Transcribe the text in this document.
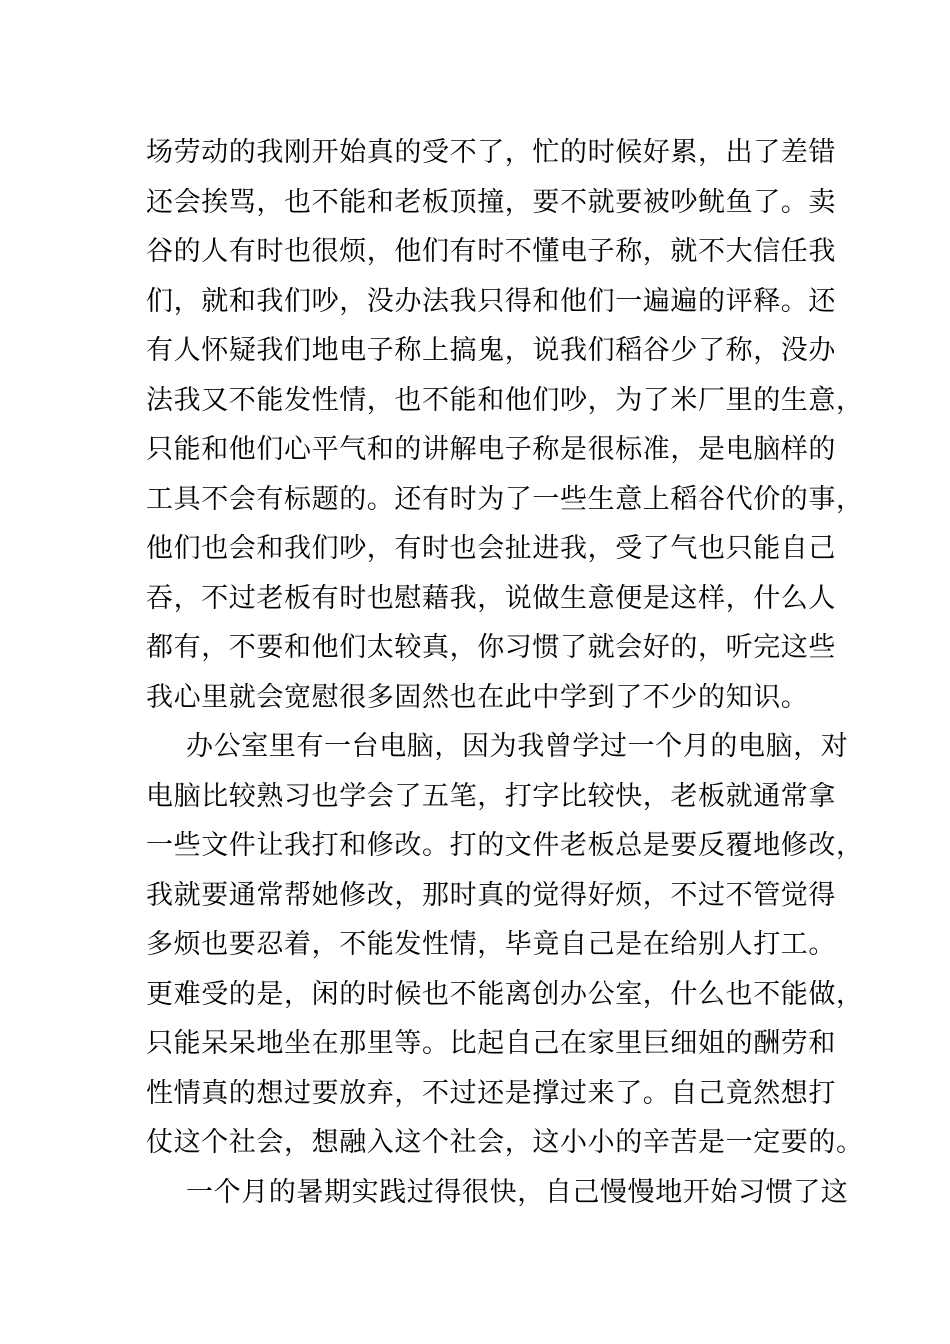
场劳动的我刚开始真的受不了，忙的时候好累，出了差错
还会挨骂，也不能和老板顶撞，要不就要被吵鱿鱼了。卖
谷的人有时也很烦，他们有时不懂电子称，就不大信任我
们，就和我们吵，没办法我只得和他们一遍遍的评释。还
有人怀疑我们地电子称上搞鬼，说我们稻谷少了称，没办
法我又不能发性情，也不能和他们吵，为了米厂里的生意，
只能和他们心平气和的讲解电子称是很标准，是电脑样的
工具不会有标题的。还有时为了一些生意上稻谷代价的事，
他们也会和我们吵，有时也会扯进我，受了气也只能自己
吞，不过老板有时也慰藉我，说做生意便是这样，什么人
都有，不要和他们太较真，你习惯了就会好的，听完这些
我心里就会宽慰很多固然也在此中学到了不少的知识。
办公室里有一台电脑，因为我曾学过一个月的电脑，对
电脑比较熟习也学会了五笔，打字比较快，老板就通常拿
一些文件让我打和修改。打的文件老板总是要反覆地修改，
我就要通常帮她修改，那时真的觉得好烦，不过不管觉得
多烦也要忍着，不能发性情，毕竟自己是在给别人打工。
更难受的是，闲的时候也不能离创办公室，什么也不能做，
只能呆呆地坐在那里等。比起自己在家里巨细姐的酬劳和
性情真的想过要放弃，不过还是撑过来了。自己竟然想打
仗这个社会，想融入这个社会，这小小的辛苦是一定要的。
一个月的暑期实践过得很快，自己慢慢地开始习惯了这
